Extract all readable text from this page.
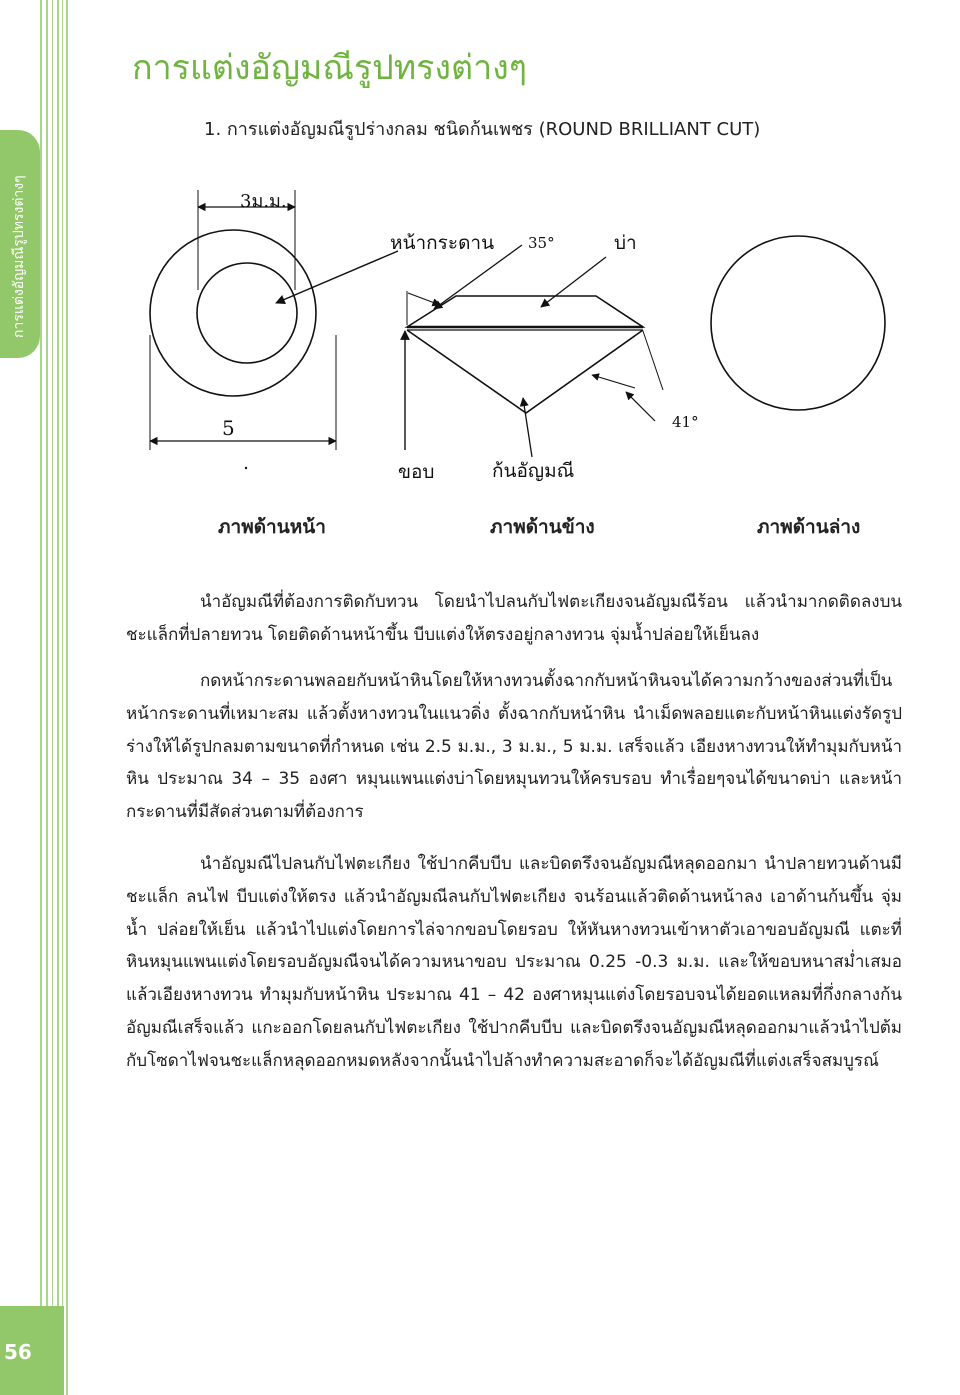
การแต่งอัญมณีรูปทรงต่างๆ
56
การแต่งอัญมณีรูปทรงต่างๆ
1. การแต่งอัญมณีรูปร่างกลม ชนิดก้นเพชร (ROUND BRILLIANT CUT)
3ม.ม.
5
หน้ากระดาน 35°	บ่า
41°
ขอบ	ก้นอัญมณี
ภาพด้านหน้า	ภาพด้านข้าง	ภาพด้านล่าง

นำอัญมณีที่ต้องการติดกับทวน โดยนำไปลนกับไฟตะเกียงจนอัญมณีร้อน แล้วนำมากดติดลงบนชะแล็กที่ปลายทวน โดยติดด้านหน้าขึ้น บีบแต่งให้ตรงอยู่กลางทวน จุ่มน้ำปล่อยให้เย็นลง

กดหน้ากระดานพลอยกับหน้าหินโดยให้หางทวนตั้งฉากกับหน้าหินจนได้ความกว้างของส่วนที่เป็นหน้ากระดานที่เหมาะสม แล้วตั้งหางทวนในแนวดิ่ง ตั้งฉากกับหน้าหิน นำเม็ดพลอยแตะกับหน้าหินแต่งรัดรูปร่างให้ได้รูปกลมตามขนาดที่กำหนด เช่น 2.5 ม.ม., 3 ม.ม., 5 ม.ม. เสร็จแล้ว เอียงหางทวนให้ทำมุมกับหน้าหิน ประมาณ 34 – 35 องศา หมุนแพนแต่งบ่าโดยหมุนทวนให้ครบรอบ ทำเรื่อยๆจนได้ขนาดบ่า และหน้ากระดานที่มีสัดส่วนตามที่ต้องการ

นำอัญมณีไปลนกับไฟตะเกียง ใช้ปากคีบบีบ และบิดตรึงจนอัญมณีหลุดออกมา นำปลายทวนด้านมีชะแล็ก ลนไฟ บีบแต่งให้ตรง แล้วนำอัญมณีลนกับไฟตะเกียง จนร้อนแล้วติดด้านหน้าลง เอาด้านก้นขึ้น จุ่มน้ำ ปล่อยให้เย็น แล้วนำไปแต่งโดยการไล่จากขอบโดยรอบ ให้หันหางทวนเข้าหาตัวเอาขอบอัญมณี แตะที่หินหมุนแพนแต่งโดยรอบอัญมณีจนได้ความหนาขอบ ประมาณ 0.25 -0.3 ม.ม. และให้ขอบหนาสม่ำเสมอ แล้วเอียงหางทวน ทำมุมกับหน้าหิน ประมาณ 41 – 42 องศาหมุนแต่งโดยรอบจนได้ยอดแหลมที่กึ่งกลางก้นอัญมณีเสร็จแล้ว แกะออกโดยลนกับไฟตะเกียง ใช้ปากคีบบีบ และบิดตรึงจนอัญมณีหลุดออกมาแล้วนำไปต้มกับโซดาไฟจนชะแล็กหลุดออกหมดหลังจากนั้นนำไปล้างทำความสะอาดก็จะได้อัญมณีที่แต่งเสร็จสมบูรณ์
